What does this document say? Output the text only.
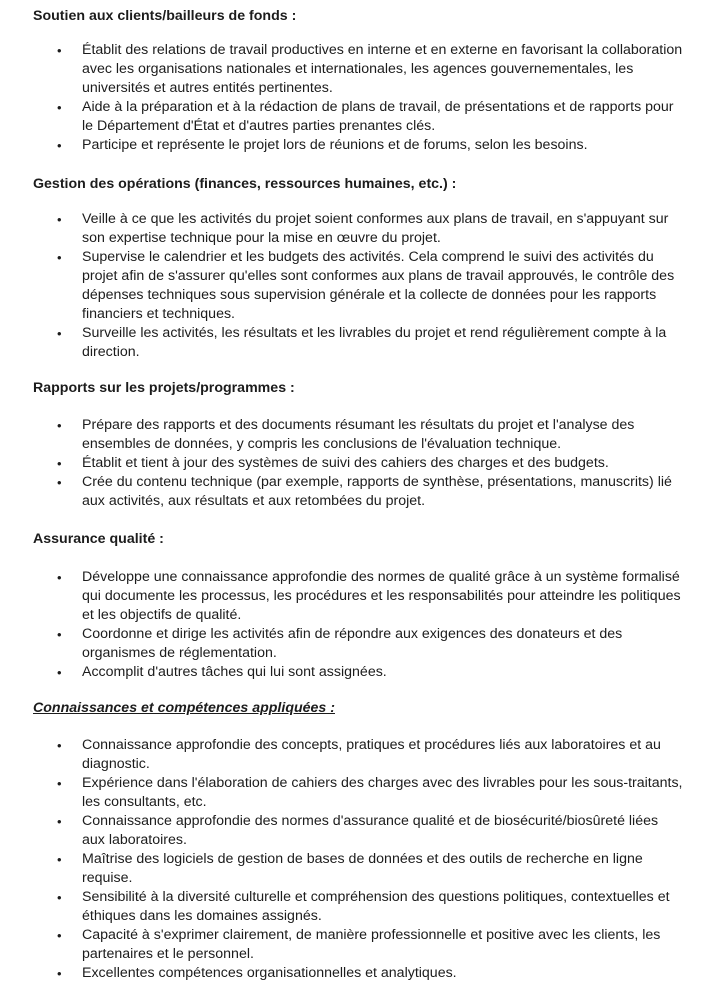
Soutien aux clients/bailleurs de fonds :
• Établit des relations de travail productives en interne et en externe en favorisant la collaboration avec les organisations nationales et internationales, les agences gouvernementales, les universités et autres entités pertinentes.
• Aide à la préparation et à la rédaction de plans de travail, de présentations et de rapports pour le Département d'État et d'autres parties prenantes clés.
• Participe et représente le projet lors de réunions et de forums, selon les besoins.
Gestion des opérations (finances, ressources humaines, etc.) :
• Veille à ce que les activités du projet soient conformes aux plans de travail, en s'appuyant sur son expertise technique pour la mise en œuvre du projet.
• Supervise le calendrier et les budgets des activités. Cela comprend le suivi des activités du projet afin de s'assurer qu'elles sont conformes aux plans de travail approuvés, le contrôle des dépenses techniques sous supervision générale et la collecte de données pour les rapports financiers et techniques.
• Surveille les activités, les résultats et les livrables du projet et rend régulièrement compte à la direction.
Rapports sur les projets/programmes :
• Prépare des rapports et des documents résumant les résultats du projet et l'analyse des ensembles de données, y compris les conclusions de l'évaluation technique.
• Établit et tient à jour des systèmes de suivi des cahiers des charges et des budgets.
• Crée du contenu technique (par exemple, rapports de synthèse, présentations, manuscrits) lié aux activités, aux résultats et aux retombées du projet.
Assurance qualité :
• Développe une connaissance approfondie des normes de qualité grâce à un système formalisé qui documente les processus, les procédures et les responsabilités pour atteindre les politiques et les objectifs de qualité.
• Coordonne et dirige les activités afin de répondre aux exigences des donateurs et des organismes de réglementation.
• Accomplit d'autres tâches qui lui sont assignées.
Connaissances et compétences appliquées :
• Connaissance approfondie des concepts, pratiques et procédures liés aux laboratoires et au diagnostic.
• Expérience dans l'élaboration de cahiers des charges avec des livrables pour les sous-traitants, les consultants, etc.
• Connaissance approfondie des normes d'assurance qualité et de biosécurité/biosûreté liées aux laboratoires.
• Maîtrise des logiciels de gestion de bases de données et des outils de recherche en ligne requise.
• Sensibilité à la diversité culturelle et compréhension des questions politiques, contextuelles et éthiques dans les domaines assignés.
• Capacité à s'exprimer clairement, de manière professionnelle et positive avec les clients, les partenaires et le personnel.
• Excellentes compétences organisationnelles et analytiques.
